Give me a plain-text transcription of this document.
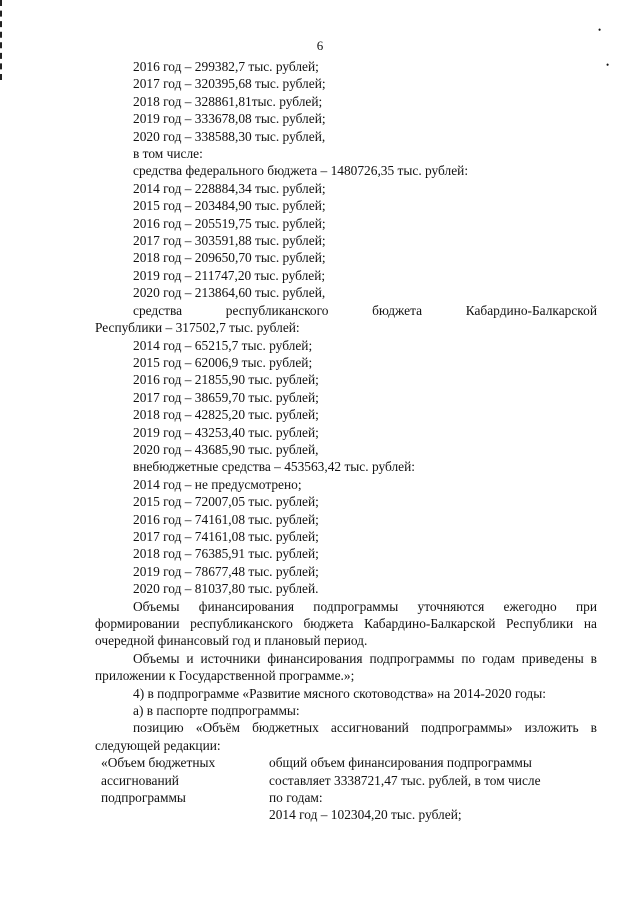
6
•
•
2016 год – 299382,7 тыс. рублей;
2017 год – 320395,68 тыс. рублей;
2018 год – 328861,81тыс. рублей;
2019 год – 333678,08 тыс. рублей;
2020 год – 338588,30 тыс. рублей,
в том числе:
средства федерального бюджета – 1480726,35 тыс. рублей:
2014 год – 228884,34 тыс. рублей;
2015 год – 203484,90 тыс. рублей;
2016 год – 205519,75 тыс. рублей;
2017 год – 303591,88 тыс. рублей;
2018 год – 209650,70 тыс. рублей;
2019 год – 211747,20 тыс. рублей;
2020 год – 213864,60 тыс. рублей,
средства республиканского бюджета Кабардино-Балкарской
Республики – 317502,7 тыс. рублей:
2014 год – 65215,7 тыс. рублей;
2015 год – 62006,9 тыс. рублей;
2016 год – 21855,90 тыс. рублей;
2017 год – 38659,70 тыс. рублей;
2018 год – 42825,20 тыс. рублей;
2019 год – 43253,40 тыс. рублей;
2020 год – 43685,90 тыс. рублей,
внебюджетные средства – 453563,42 тыс. рублей:
2014 год – не предусмотрено;
2015 год – 72007,05 тыс. рублей;
2016 год – 74161,08 тыс. рублей;
2017 год – 74161,08 тыс. рублей;
2018 год – 76385,91 тыс. рублей;
2019 год – 78677,48 тыс. рублей;
2020 год – 81037,80 тыс. рублей.
Объемы финансирования подпрограммы уточняются ежегодно при формировании республиканского бюджета Кабардино-Балкарской Республики на очередной финансовый год и плановый период.
Объемы и источники финансирования подпрограммы по годам приведены в приложении к Государственной программе.»;
4) в подпрограмме «Развитие мясного скотоводства» на 2014-2020 годы:
а) в паспорте подпрограммы:
позицию «Объём бюджетных ассигнований подпрограммы» изложить в следующей редакции:
«Объем бюджетных
ассигнований
подпрограммы
общий объем финансирования подпрограммы
составляет 3338721,47 тыс. рублей, в том числе
по годам:
2014 год – 102304,20 тыс. рублей;
